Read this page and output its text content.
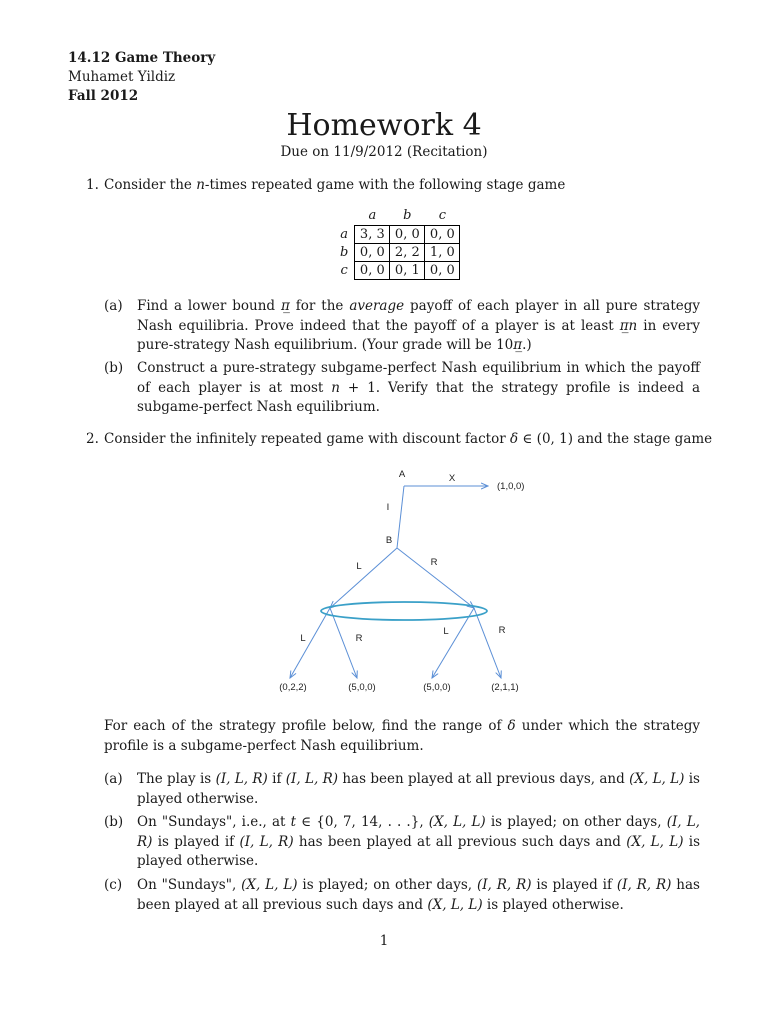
14.12 Game Theory
Muhamet Yildiz
Fall 2012
Homework 4
Due on 11/9/2012 (Recitation)
1. Consider the n-times repeated game with the following stage game
	a	b	c
a	3, 3	0, 0	0, 0
b	0, 0	2, 2	1, 0
c	0, 0	0, 1	0, 0
(a) Find a lower bound π̲ for the average payoff of each player in all pure strategy Nash equilibria. Prove indeed that the payoff of a player is at least π̲n in every pure-strategy Nash equilibrium. (Your grade will be 10π̲.)
(b) Construct a pure-strategy subgame-perfect Nash equilibrium in which the payoff of each player is at most n + 1. Verify that the strategy profile is indeed a subgame-perfect Nash equilibrium.
2. Consider the infinitely repeated game with discount factor δ ∈ (0, 1) and the stage game
A	X
(1,0,0)
I
B
L	R
L	R
L	R
(0,2,2)	(5,0,0)	(5,0,0)	(2,1,1)
For each of the strategy profile below, find the range of δ under which the strategy profile is a subgame-perfect Nash equilibrium.
(a) The play is (I, L, R) if (I, L, R) has been played at all previous days, and (X, L, L) is played otherwise.
(b) On "Sundays", i.e., at t ∈ {0, 7, 14, . . .}, (X, L, L) is played; on other days, (I, L, R) is played if (I, L, R) has been played at all previous such days and (X, L, L) is played otherwise.
(c) On "Sundays", (X, L, L) is played; on other days, (I, R, R) is played if (I, R, R) has been played at all previous such days and (X, L, L) is played otherwise.
1
